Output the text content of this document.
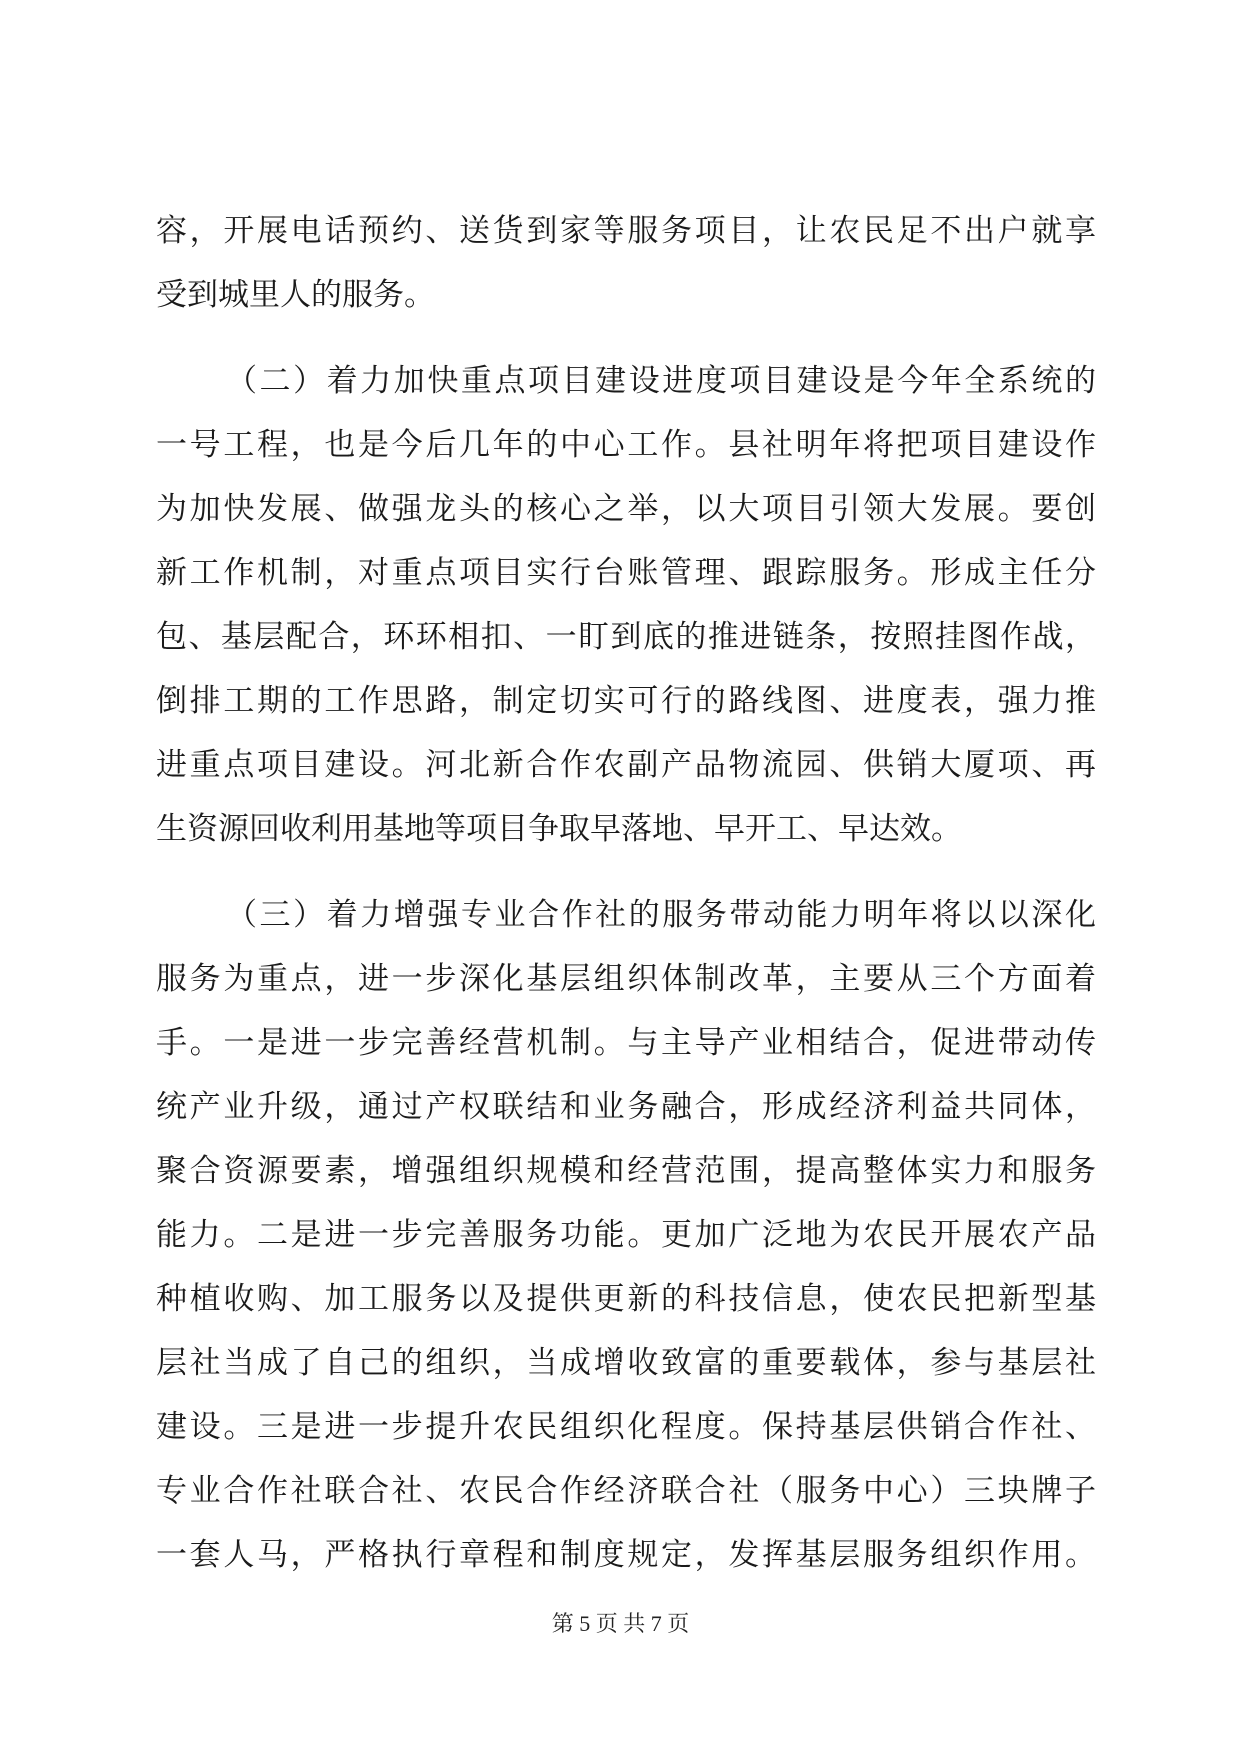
容，开展电话预约、送货到家等服务项目，让农民足不出户就享
受到城里人的服务。
（二）着力加快重点项目建设进度项目建设是今年全系统的
一号工程，也是今后几年的中心工作。县社明年将把项目建设作
为加快发展、做强龙头的核心之举，以大项目引领大发展。要创
新工作机制，对重点项目实行台账管理、跟踪服务。形成主任分
包、基层配合，环环相扣、一盯到底的推进链条，按照挂图作战，
倒排工期的工作思路，制定切实可行的路线图、进度表，强力推
进重点项目建设。河北新合作农副产品物流园、供销大厦项、再
生资源回收利用基地等项目争取早落地、早开工、早达效。
（三）着力增强专业合作社的服务带动能力明年将以以深化
服务为重点，进一步深化基层组织体制改革，主要从三个方面着
手。一是进一步完善经营机制。与主导产业相结合，促进带动传
统产业升级，通过产权联结和业务融合，形成经济利益共同体，
聚合资源要素，增强组织规模和经营范围，提高整体实力和服务
能力。二是进一步完善服务功能。更加广泛地为农民开展农产品
种植收购、加工服务以及提供更新的科技信息，使农民把新型基
层社当成了自己的组织，当成增收致富的重要载体，参与基层社
建设。三是进一步提升农民组织化程度。保持基层供销合作社、
专业合作社联合社、农民合作经济联合社（服务中心）三块牌子
一套人马，严格执行章程和制度规定，发挥基层服务组织作用。
第 5 页 共 7 页
